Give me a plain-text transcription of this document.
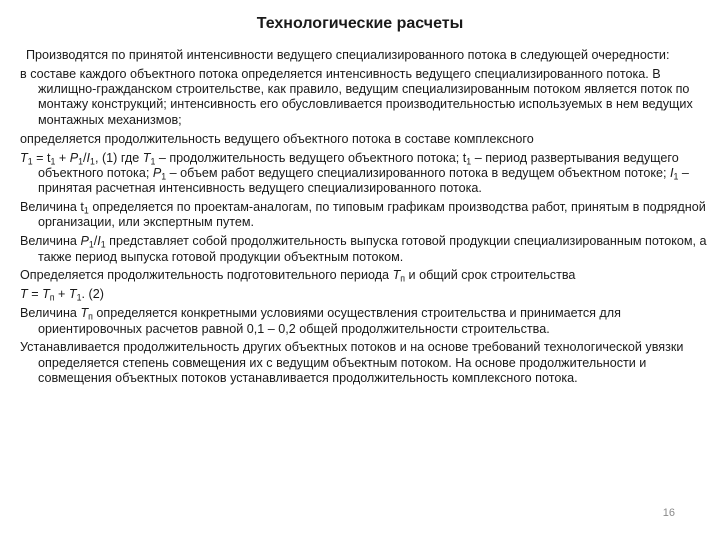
Технологические расчеты

Производятся по принятой интенсивности ведущего специализированного потока в следующей очередности:

в составе каждого объектного потока определяется интенсивность ведущего специализированного потока. В жилищно-гражданском строительстве, как правило, ведущим специализированным потоком является поток по монтажу конструкций; интенсивность его обусловливается производительностью используемых в нем ведущих монтажных механизмов;

определяется продолжительность ведущего объектного потока в составе комплексного

$T_1 = t_1 + P_1/I_1$, (1) где $T_1$ – продолжительность ведущего объектного потока; $t_1$ – период развертывания ведущего объектного потока; $P_1$ – объем работ ведущего специализированного потока в ведущем объектном потоке; $I_1$ – принятая расчетная интенсивность ведущего специализированного потока.

Величина $t_1$ определяется по проектам-аналогам, по типовым графикам производства работ, принятым в подрядной организации, или экспертным путем.

Величина $P_1/I_1$ представляет собой продолжительность выпуска готовой продукции специализированным потоком, а также период выпуска готовой продукции объектным потоком.

Определяется продолжительность подготовительного периода $T_п$ и общий срок строительства

$T = T_п + T_1$. (2)

Величина $T_п$ определяется конкретными условиями осуществления строительства и принимается для ориентировочных расчетов равной 0,1 – 0,2 общей продолжительности строительства.

Устанавливается продолжительность других объектных потоков и на основе требований технологической увязки определяется степень совмещения их с ведущим объектным потоком. На основе продолжительности и совмещения объектных потоков устанавливается продолжительность комплексного потока.

16
